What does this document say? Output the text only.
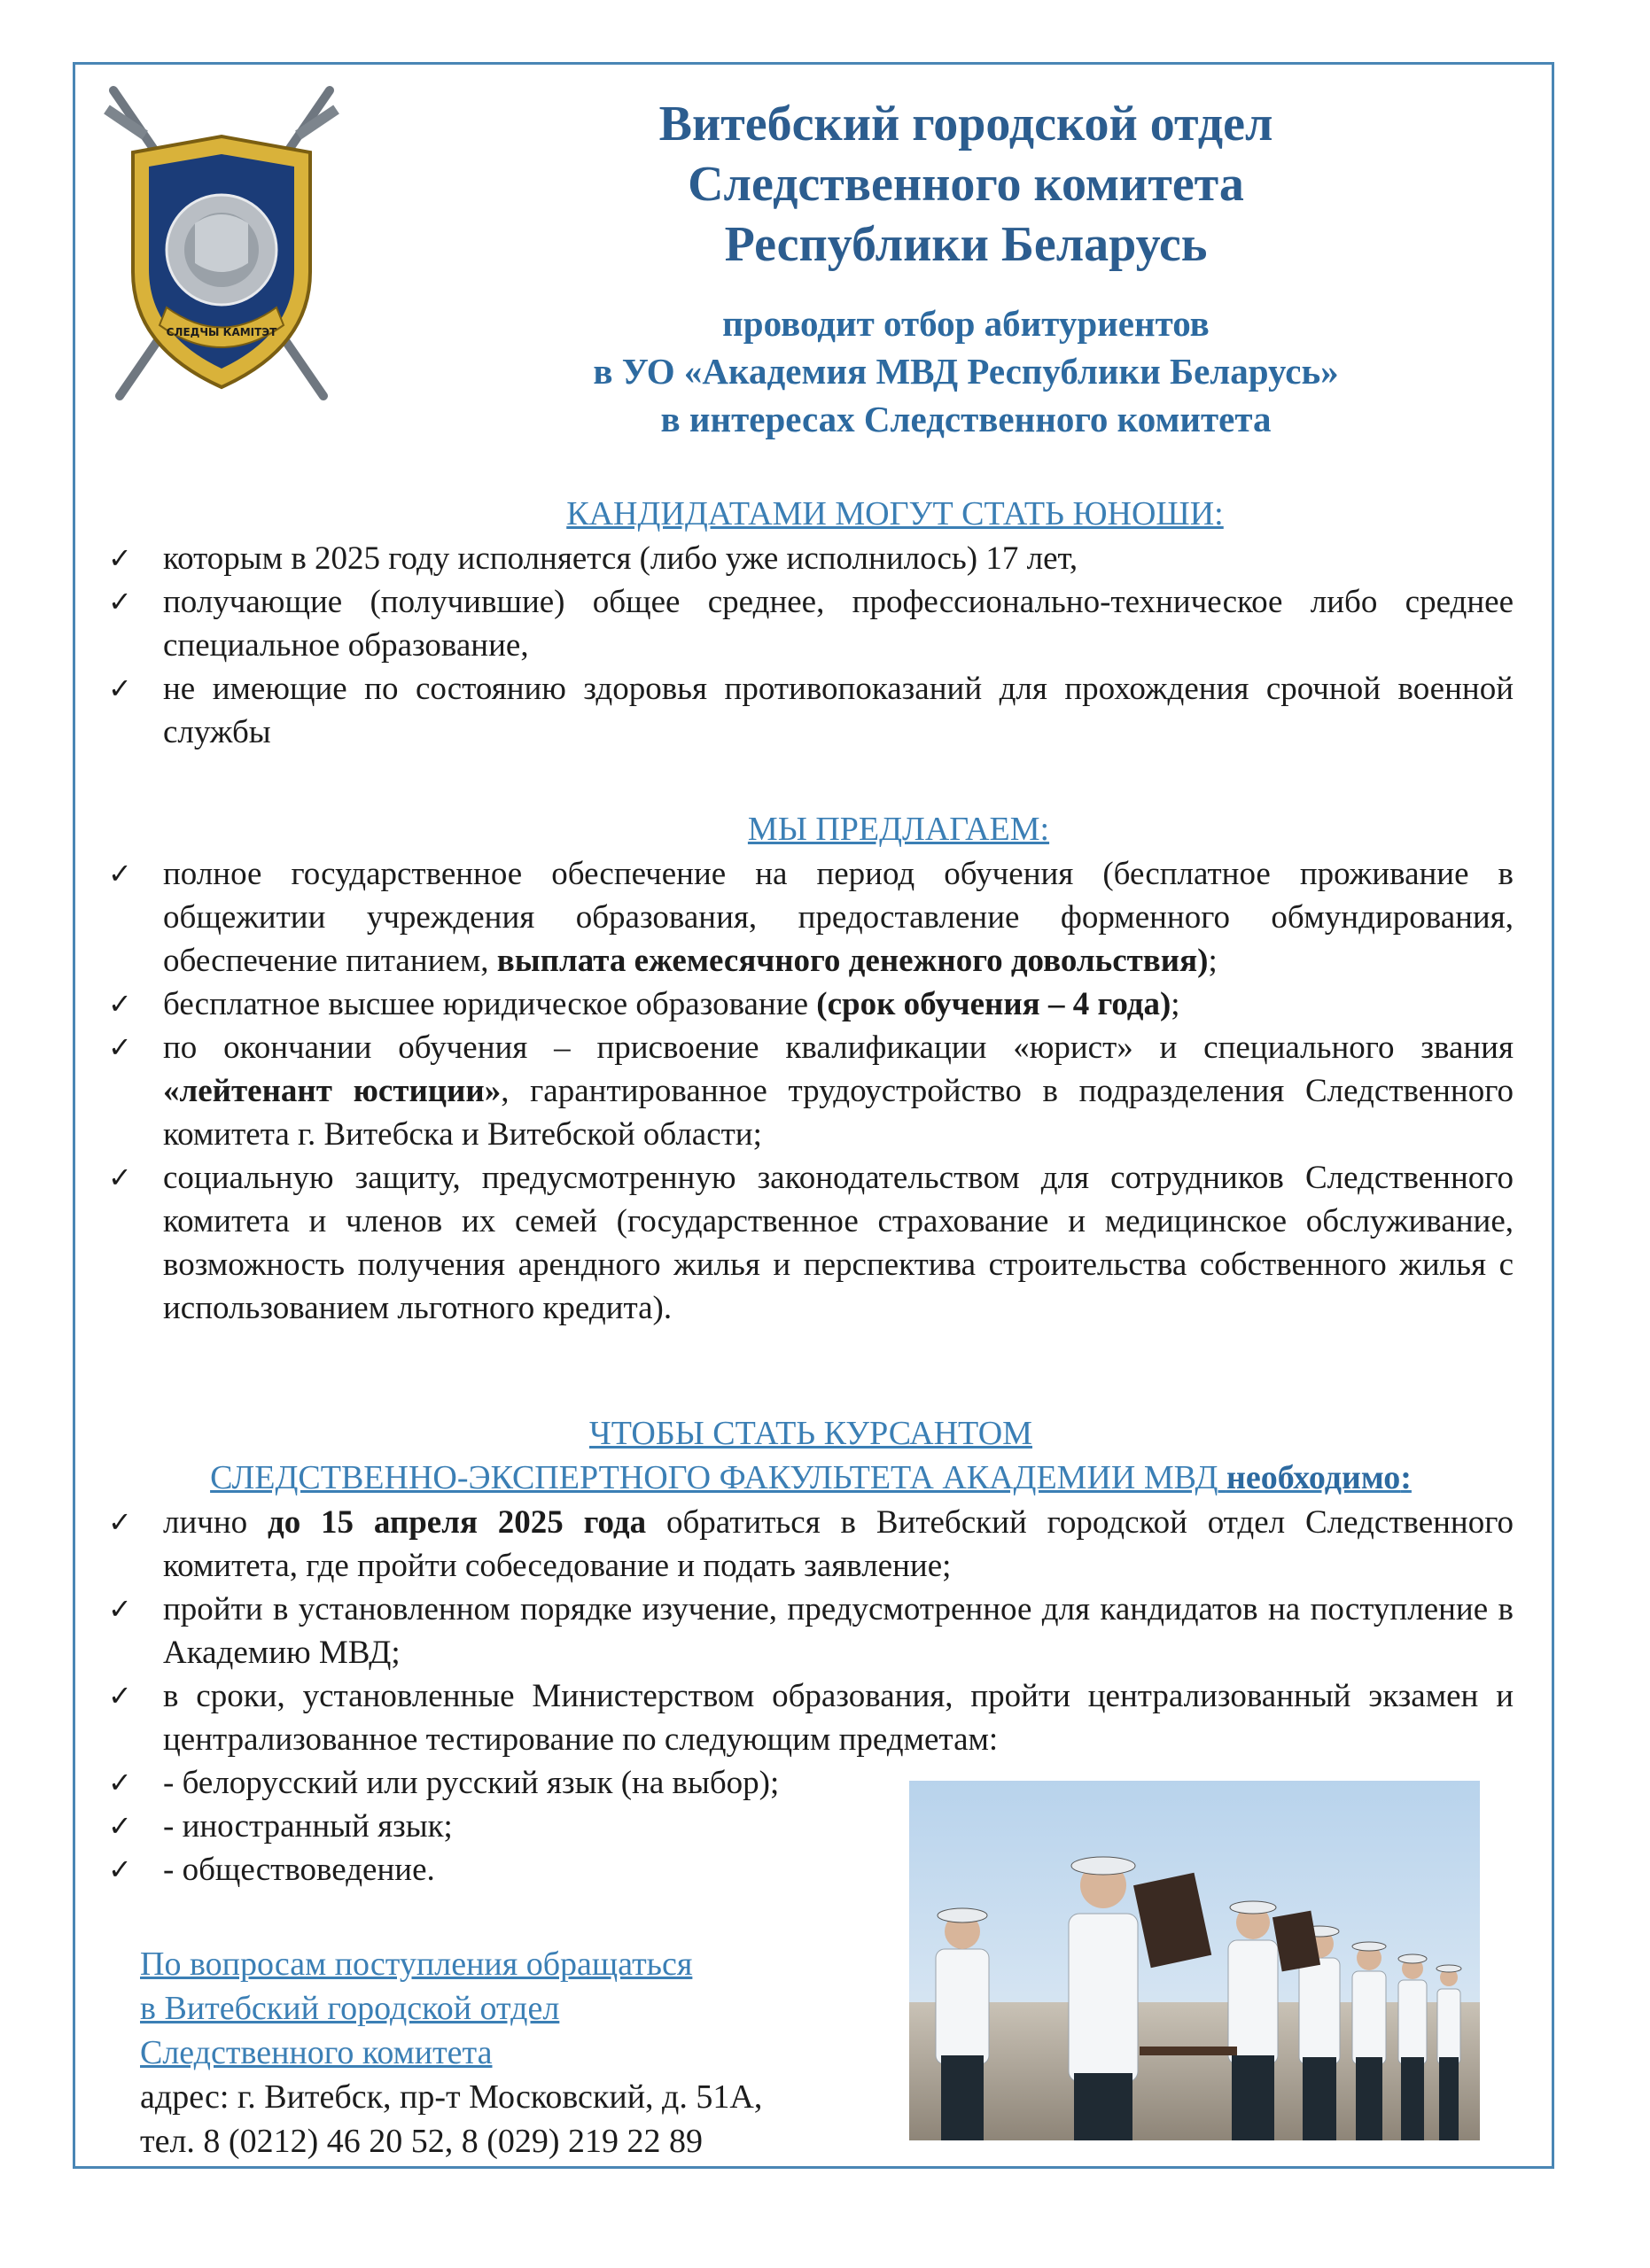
СЛЕДЧЫ КАМІТЭТ
Витебский городской отдел
Следственного комитета
Республики Беларусь
проводит отбор абитуриентов
в УО «Академия МВД Республики Беларусь»
в интересах Следственного комитета
КАНДИДАТАМИ МОГУТ СТАТЬ ЮНОШИ:
✓ которым в 2025 году исполняется (либо уже исполнилось) 17 лет,
✓ получающие (получившие) общее среднее, профессионально-техническое либо среднее специальное образование,
✓ не имеющие по состоянию здоровья противопоказаний для прохождения срочной военной службы
МЫ ПРЕДЛАГАЕМ:
✓ полное государственное обеспечение на период обучения (бесплатное проживание в общежитии учреждения образования, предоставление форменного обмундирования, обеспечение питанием, выплата ежемесячного денежного довольствия);
✓ бесплатное высшее юридическое образование (срок обучения – 4 года);
✓ по окончании обучения – присвоение квалификации «юрист» и специального звания «лейтенант юстиции», гарантированное трудоустройство в подразделения Следственного комитета г. Витебска и Витебской области;
✓ социальную защиту, предусмотренную законодательством для сотрудников Следственного комитета и членов их семей (государственное страхование и медицинское обслуживание, возможность получения арендного жилья и перспектива строительства собственного жилья с использованием льготного кредита).
ЧТОБЫ СТАТЬ КУРСАНТОМ
СЛЕДСТВЕННО-ЭКСПЕРТНОГО ФАКУЛЬТЕТА АКАДЕМИИ МВД необходимо:
✓ лично до 15 апреля 2025 года обратиться в Витебский городской отдел Следственного комитета, где пройти собеседование и подать заявление;
✓ пройти в установленном порядке изучение, предусмотренное для кандидатов на поступление в Академию МВД;
✓ в сроки, установленные Министерством образования, пройти централизованный экзамен и централизованное тестирование по следующим предметам:
✓ - белорусский или русский язык (на выбор);
✓ - иностранный язык;
✓ - обществоведение.
По вопросам поступления обращаться
в Витебский городской отдел
Следственного комитета
адрес: г. Витебск, пр-т Московский, д. 51А,
тел. 8 (0212) 46 20 52, 8 (029) 219 22 89
